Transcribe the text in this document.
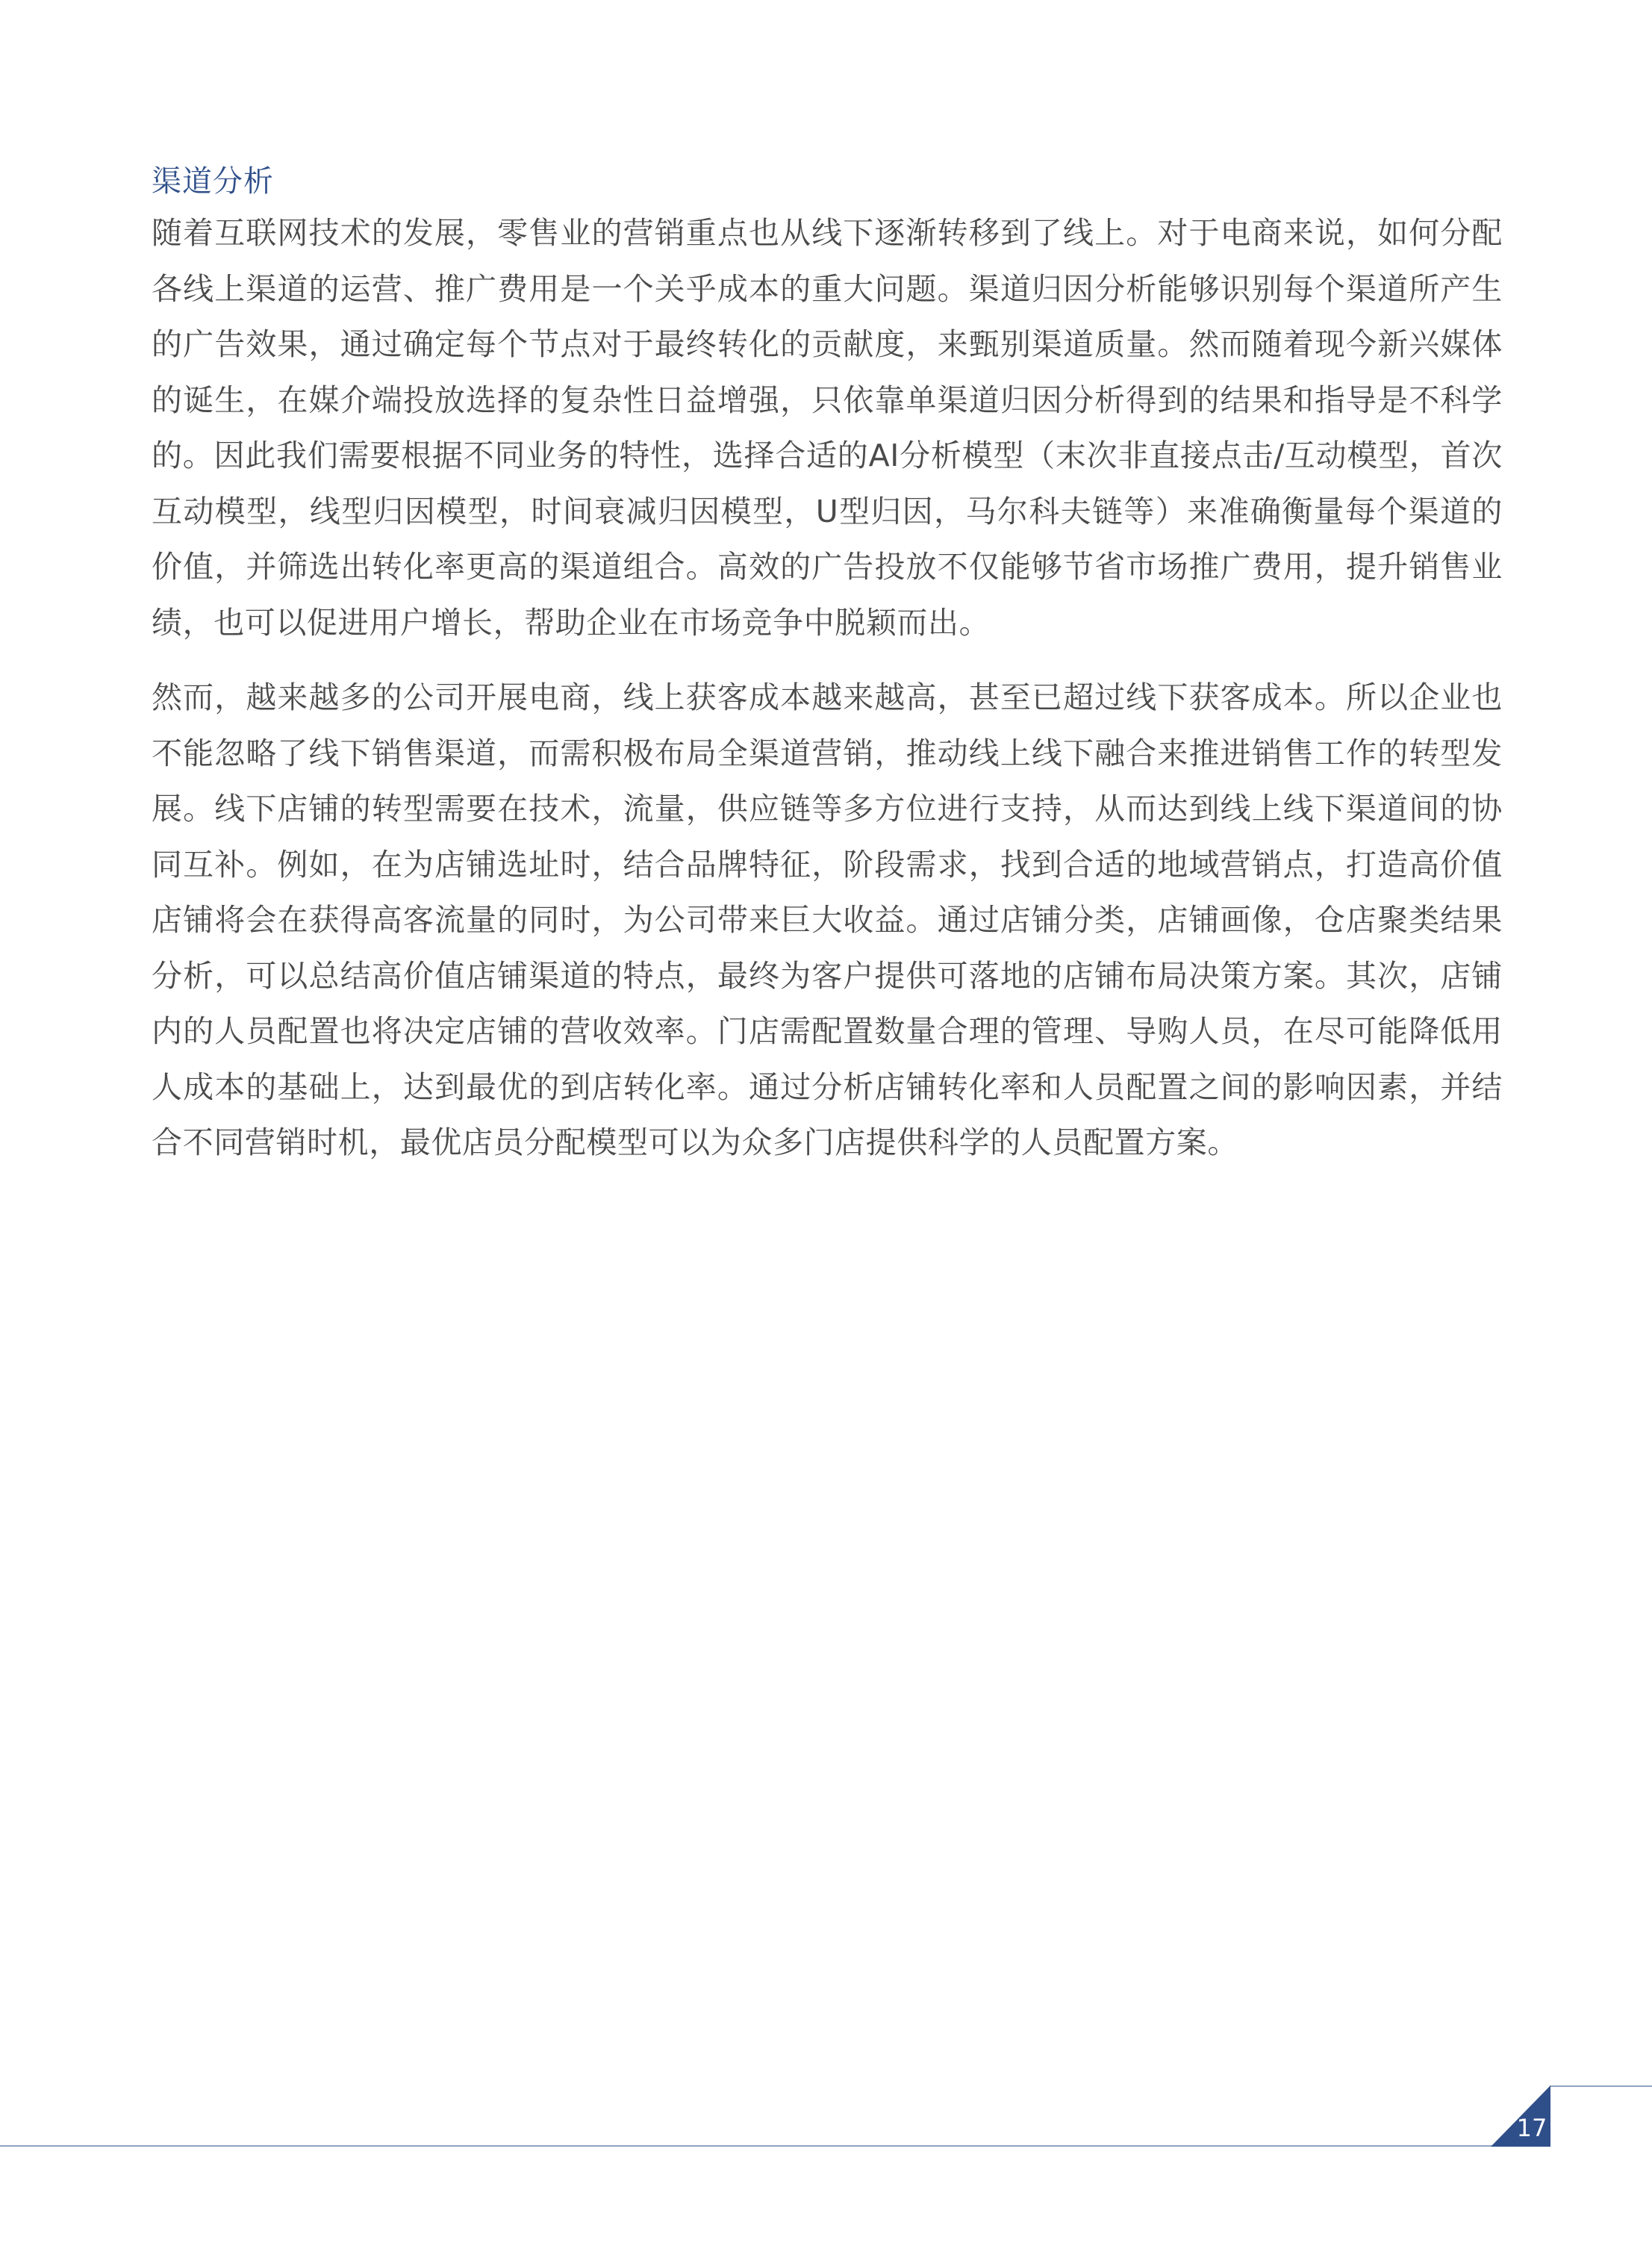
渠道分析

随着互联网技术的发展，零售业的营销重点也从线下逐渐转移到了线上。对于电商来说，如何分配各线上渠道的运营、推广费用是一个关乎成本的重大问题。渠道归因分析能够识别每个渠道所产生的广告效果，通过确定每个节点对于最终转化的贡献度，来甄别渠道质量。然而随着现今新兴媒体的诞生，在媒介端投放选择的复杂性日益增强，只依靠单渠道归因分析得到的结果和指导是不科学的。因此我们需要根据不同业务的特性，选择合适的AI分析模型（末次非直接点击/互动模型，首次互动模型，线型归因模型，时间衰减归因模型，U型归因，马尔科夫链等）来准确衡量每个渠道的价值，并筛选出转化率更高的渠道组合。高效的广告投放不仅能够节省市场推广费用，提升销售业绩，也可以促进用户增长，帮助企业在市场竞争中脱颖而出。

然而，越来越多的公司开展电商，线上获客成本越来越高，甚至已超过线下获客成本。所以企业也不能忽略了线下销售渠道，而需积极布局全渠道营销，推动线上线下融合来推进销售工作的转型发展。线下店铺的转型需要在技术，流量，供应链等多方位进行支持，从而达到线上线下渠道间的协同互补。例如，在为店铺选址时，结合品牌特征，阶段需求，找到合适的地域营销点，打造高价值店铺将会在获得高客流量的同时，为公司带来巨大收益。通过店铺分类，店铺画像，仓店聚类结果分析，可以总结高价值店铺渠道的特点，最终为客户提供可落地的店铺布局决策方案。其次，店铺内的人员配置也将决定店铺的营收效率。门店需配置数量合理的管理、导购人员，在尽可能降低用人成本的基础上，达到最优的到店转化率。通过分析店铺转化率和人员配置之间的影响因素，并结合不同营销时机，最优店员分配模型可以为众多门店提供科学的人员配置方案。

17
